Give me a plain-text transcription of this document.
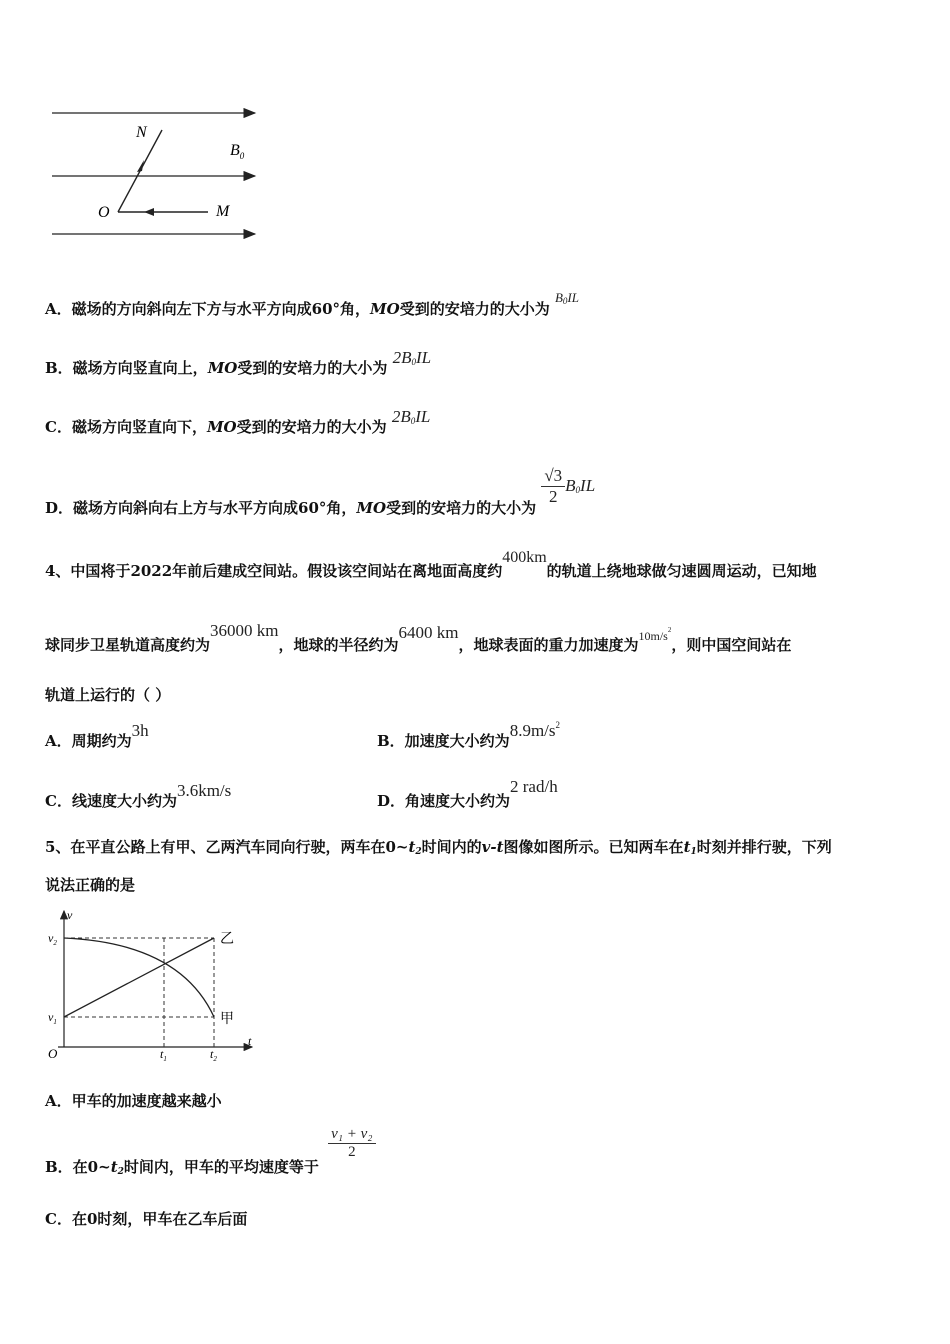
N
$B_0$
O	M
A．磁场的方向斜向左下方与水平方向成60°角，MO受到的安培力的大小为 $B_0IL$
B．磁场方向竖直向上，MO受到的安培力的大小为 $2B_0IL$
C．磁场方向竖直向下，MO受到的安培力的大小为 $2B_0IL$
D．磁场方向斜向右上方与水平方向成60°角，MO受到的安培力的大小为
$\frac{√3}{2} B_0IL$
4、中国将于2022年前后建成空间站。假设该空间站在离地面高度约400km的轨道上绕地球做匀速圆周运动，已知地
球同步卫星轨道高度约为36000 km，地球的半径约为6400 km，地球表面的重力加速度为$^{10m/s^2}$，则中国空间站在
轨道上运行的（ ）
A．周期约为3h
B．加速度大小约为$8.9m/s^2$
C．线速度大小约为3.6km/s
D．角速度大小约为2 rad/h
5、在平直公路上有甲、乙两汽车同向行驶，两车在$0\sim t_2$时间内的v-t图像如图所示。已知两车在$t_1$时刻并排行驶，下列
说法正确的是
v
t
$v_2$
$v_1$
O	$t_1$	$t_2$
乙
甲
A．甲车的加速度越来越小
B．在$0\sim t_2$时间内，甲车的平均速度等于
$\frac{\text{v₁ + v₂}}{2}$
C．在0时刻，甲车在乙车后面
